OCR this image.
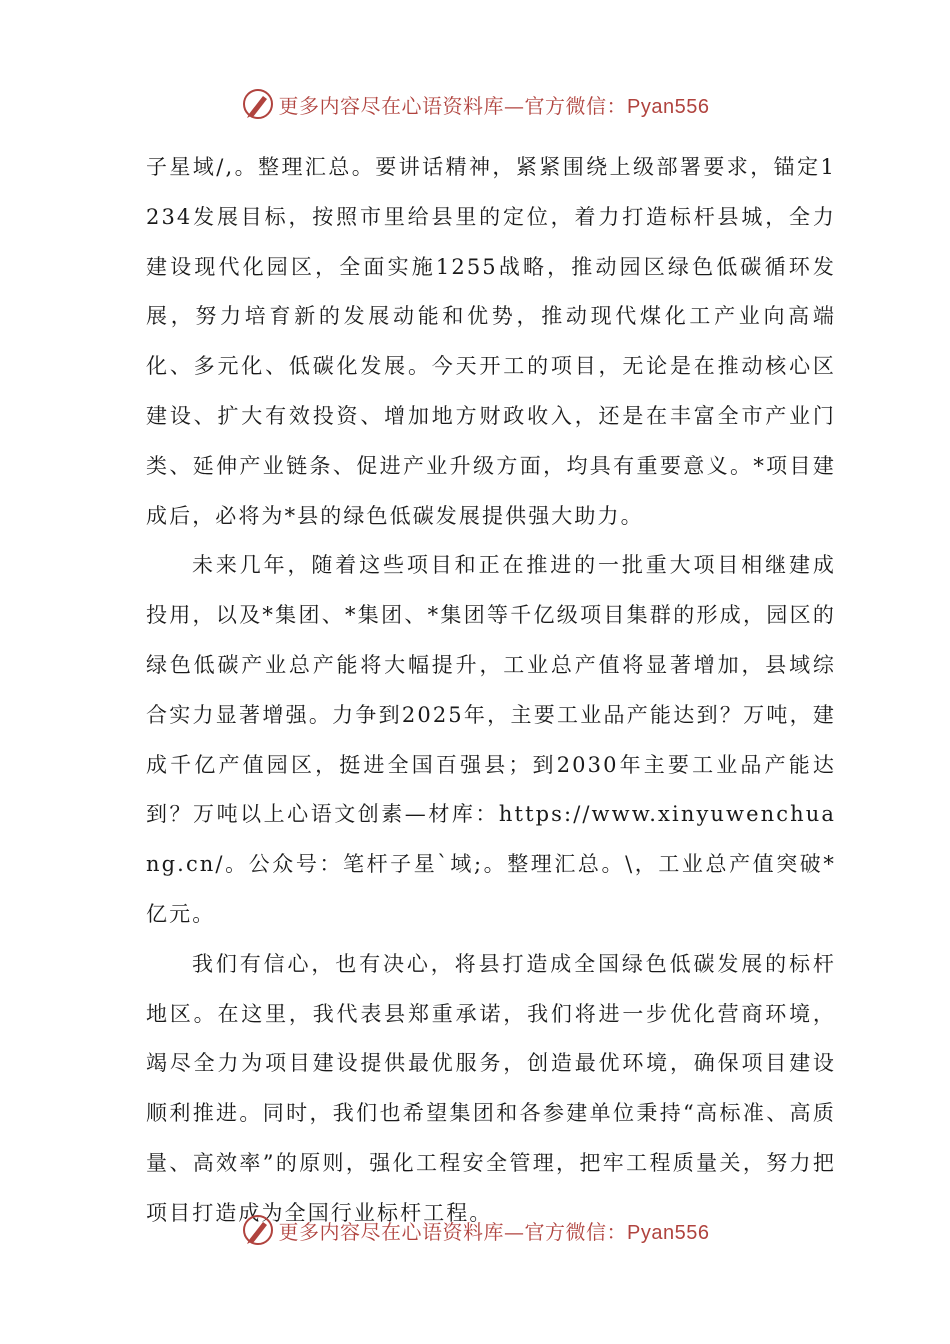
更多内容尽在心语资料库—官方微信：Pyan556

子星域/,。整理汇总。要讲话精神，紧紧围绕上级部署要求，锚定1234发展目标，按照市里给县里的定位，着力打造标杆县城，全力建设现代化园区，全面实施1255战略，推动园区绿色低碳循环发展，努力培育新的发展动能和优势，推动现代煤化工产业向高端化、多元化、低碳化发展。今天开工的项目，无论是在推动核心区建设、扩大有效投资、增加地方财政收入，还是在丰富全市产业门类、延伸产业链条、促进产业升级方面，均具有重要意义。*项目建成后，必将为*县的绿色低碳发展提供强大助力。

未来几年，随着这些项目和正在推进的一批重大项目相继建成投用，以及*集团、*集团、*集团等千亿级项目集群的形成，园区的绿色低碳产业总产能将大幅提升，工业总产值将显著增加，县域综合实力显著增强。力争到2025年，主要工业品产能达到？万吨，建成千亿产值园区，挺进全国百强县；到2030年主要工业品产能达到？万吨以上心语文创素—材库：https://www.xinyuwenchuang.cn/。公众号：笔杆子星`域;。整理汇总。\，工业总产值突破*亿元。

我们有信心，也有决心，将县打造成全国绿色低碳发展的标杆地区。在这里，我代表县郑重承诺，我们将进一步优化营商环境，竭尽全力为项目建设提供最优服务，创造最优环境，确保项目建设顺利推进。同时，我们也希望集团和各参建单位秉持“高标准、高质量、高效率”的原则，强化工程安全管理，把牢工程质量关，努力把项目打造成为全国行业标杆工程。

更多内容尽在心语资料库—官方微信：Pyan556
